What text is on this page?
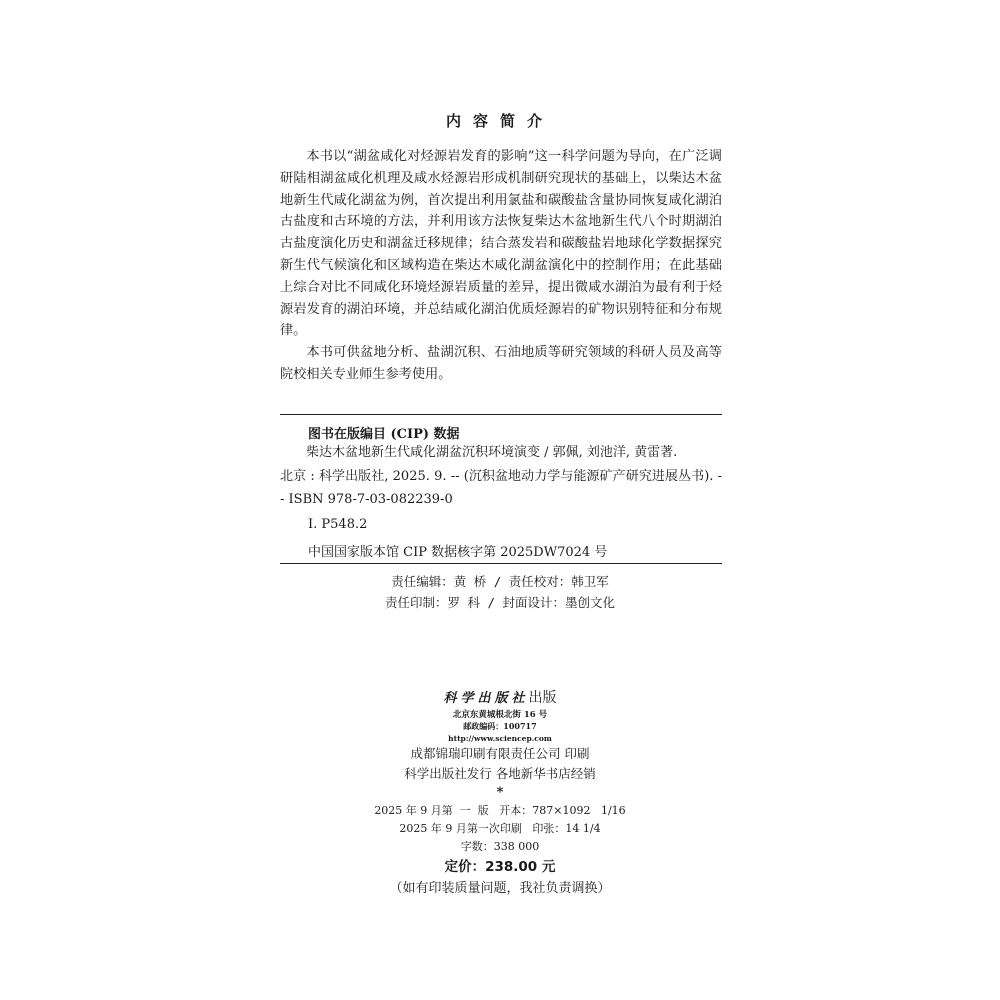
内容简介

本书以“湖盆咸化对烃源岩发育的影响”这一科学问题为导向，在广泛调研陆相湖盆咸化机理及咸水烃源岩形成机制研究现状的基础上，以柴达木盆地新生代咸化湖盆为例，首次提出利用氯盐和碳酸盐含量协同恢复咸化湖泊古盐度和古环境的方法，并利用该方法恢复柴达木盆地新生代八个时期湖泊古盐度演化历史和湖盆迁移规律；结合蒸发岩和碳酸盐岩地球化学数据探究新生代气候演化和区域构造在柴达木咸化湖盆演化中的控制作用；在此基础上综合对比不同咸化环境烃源岩质量的差异，提出微咸水湖泊为最有利于烃源岩发育的湖泊环境，并总结咸化湖泊优质烃源岩的矿物识别特征和分布规律。

本书可供盆地分析、盐湖沉积、石油地质等研究领域的科研人员及高等院校相关专业师生参考使用。

图书在版编目 (CIP) 数据

柴达木盆地新生代咸化湖盆沉积环境演变 / 郭佩, 刘池洋, 黄雷著.

北京 : 科学出版社, 2025. 9. -- (沉积盆地动力学与能源矿产研究进展丛书). -- ISBN 978-7-03-082239-0

Ⅰ. P548.2
中国国家版本馆 CIP 数据核字第 2025DW7024 号

责任编辑：黄 桥 / 责任校对：韩卫军

责任印制：罗 科 / 封面设计：墨创文化

科学出版社出版
北京东黄城根北街 16 号
邮政编码：100717
http://www.sciencep.com
成都锦瑞印刷有限责任公司 印刷
科学出版社发行 各地新华书店经销
*
2025 年 9 月第  一  版   开本：787×1092   1/16
2025 年 9 月第一次印刷   印张：14 1/4
字数：338 000
定价：238.00 元
（如有印装质量问题，我社负责调换）
